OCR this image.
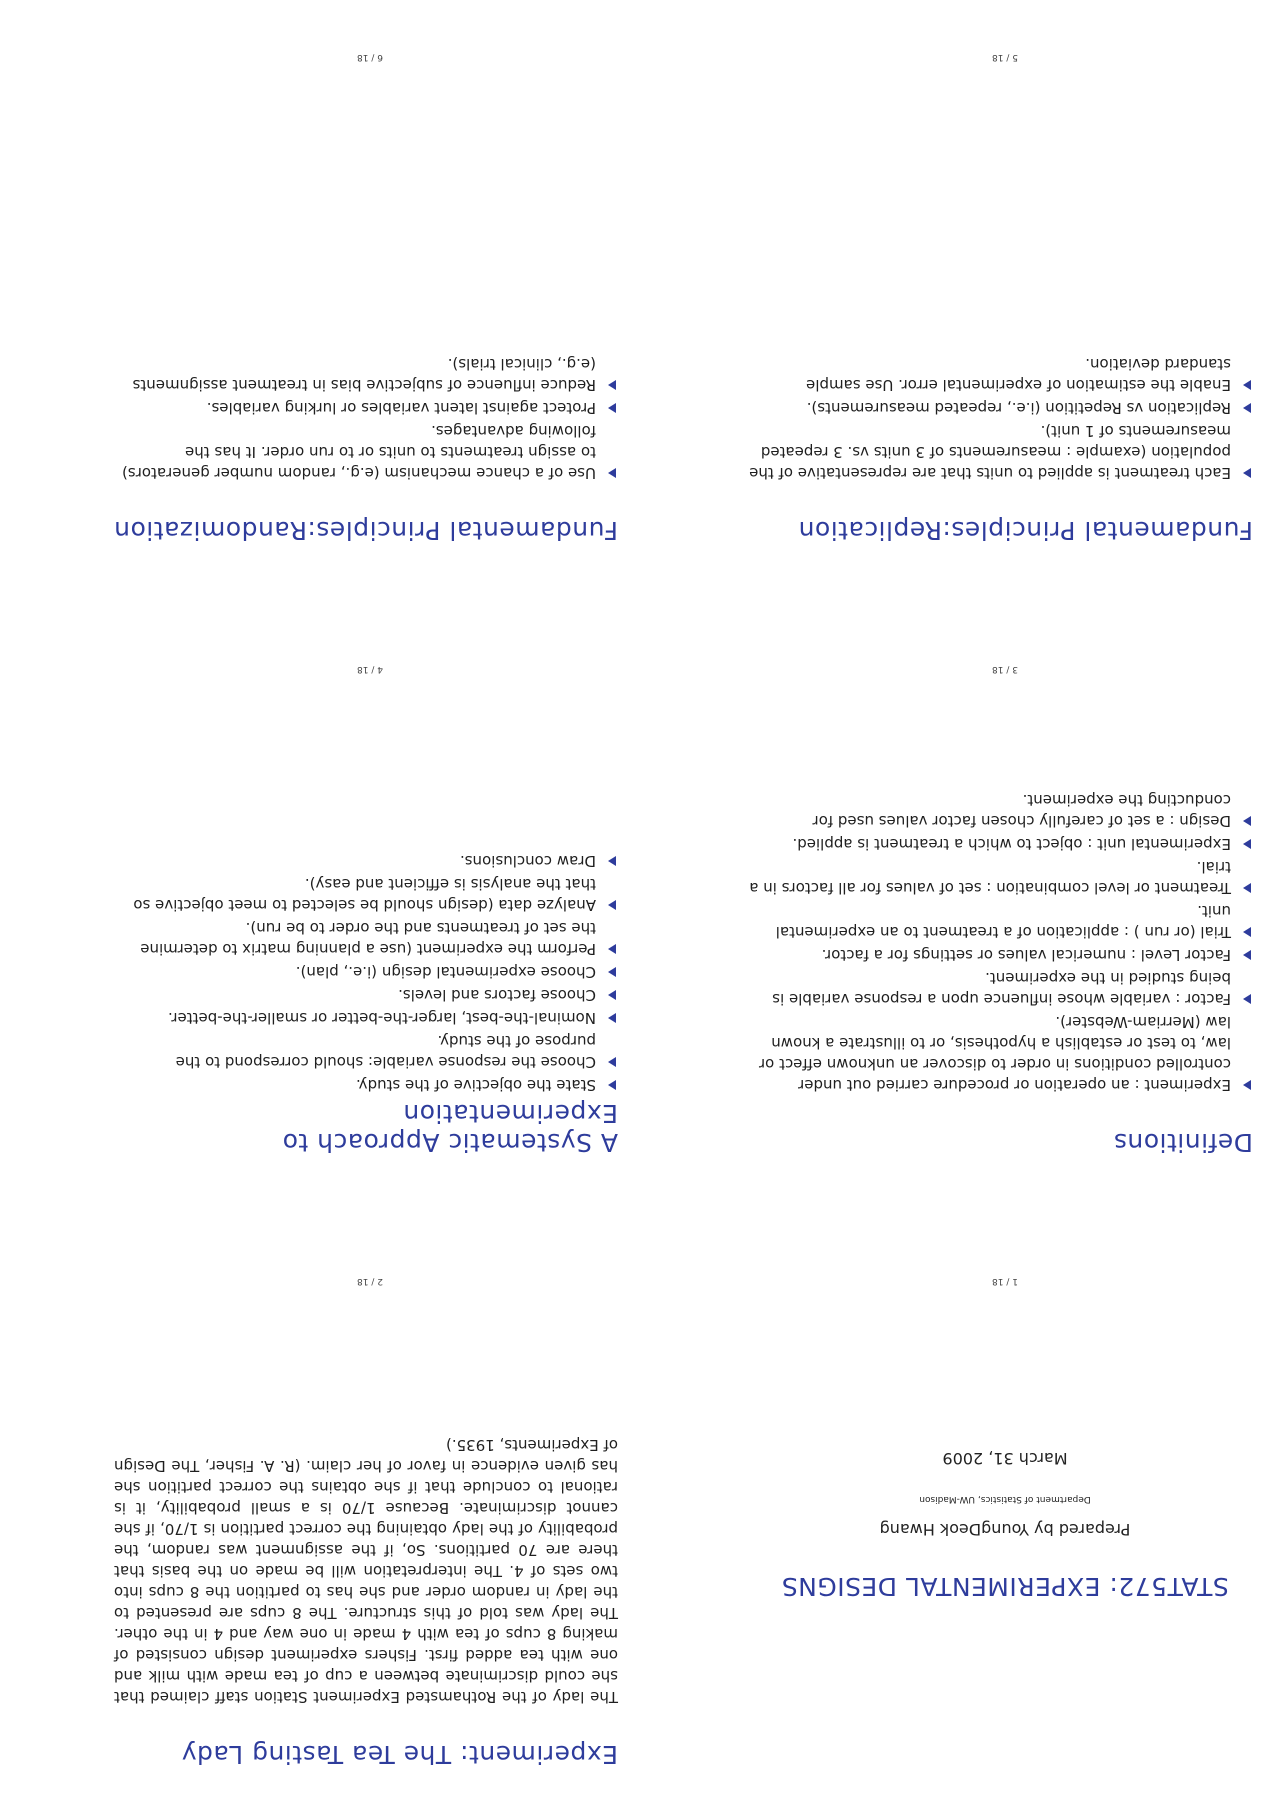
STAT572: EXPERIMENTAL DESIGNS
Prepared by YoungDeok Hwang
Department of Statistics, UW-Madison
March 31, 2009
1 / 18
Experiment: The Tea Tasting Lady

The lady of the Rothamsted Experiment Station staff claimed that she could discriminate between a cup of tea made with milk and one with tea added first. Fishers experiment design consisted of making 8 cups of tea with 4 made in one way and 4 in the other. The lady was told of this structure. The 8 cups are presented to the lady in random order and she has to partition the 8 cups into two sets of 4. The interpretation will be made on the basis that there are 70 partitions. So, if the assignment was random, the probability of the lady obtaining the correct partition is 1/70, if she cannot discriminate. Because 1/70 is a small probability, it is rational to conclude that if she obtains the correct partition she has given evidence in favor of her claim. (R. A. Fisher, The Design of Experiments, 1935.)

2 / 18
Definitions
Experiment : an operation or procedure carried out under controlled conditions in order to discover an unknown effect or law, to test or establish a hypothesis, or to illustrate a known law (Merriam-Webster).
Factor : variable whose influence upon a response variable is being studied in the experiment.
Factor Level : numerical values or settings for a factor.
Trial (or run ) : application of a treatment to an experimental unit.
Treatment or level combination : set of values for all factors in a trial.
Experimental unit : object to which a treatment is applied.
Design : a set of carefully chosen factor values used for conducting the experiment.
3 / 18
A Systematic Approach to Experimentation
State the objective of the study.
Choose the response variable: should correspond to the purpose of the study.
Nominal-the-best, larger-the-better or smaller-the-better.
Choose factors and levels.
Choose experimental design (i.e., plan).
Perform the experiment (use a planning matrix to determine the set of treatments and the order to be run).
Analyze data (design should be selected to meet objective so that the analysis is efficient and easy).
Draw conclusions.
4 / 18
Fundamental Principles:Replication
Each treatment is applied to units that are representative of the population (example : measurements of 3 units vs. 3 repeated measurements of 1 unit).
Replication vs Repetition (i.e., repeated measurements).
Enable the estimation of experimental error. Use sample standard deviation.
5 / 18
Fundamental Principles:Randomization
Use of a chance mechanism (e.g., random number generators) to assign treatments to units or to run order. It has the following advantages.
Protect against latent variables or lurking variables.
Reduce influence of subjective bias in treatment assignments (e.g., clinical trials).
6 / 18
